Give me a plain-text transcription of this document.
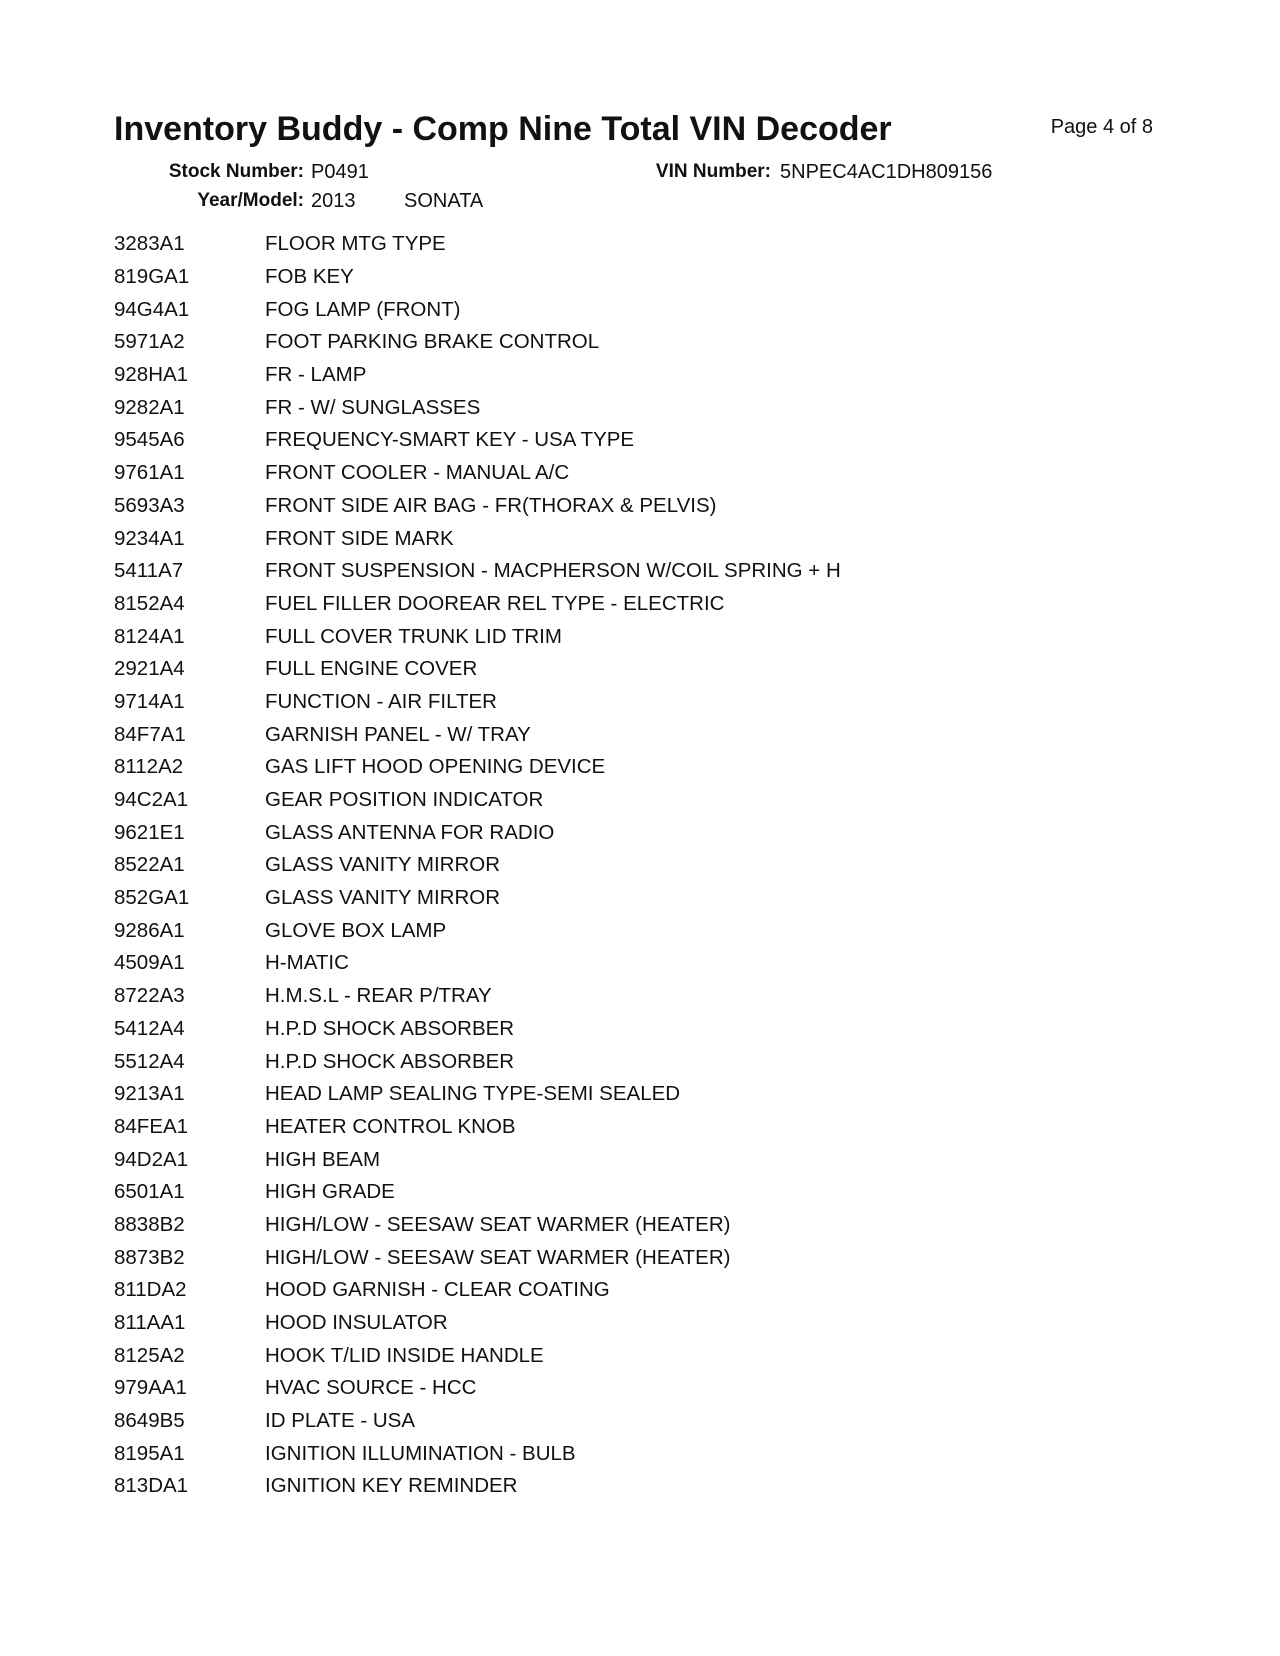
Inventory Buddy - Comp Nine Total VIN Decoder	Page 4 of 8
Stock Number: P0491
Year/Model: 2013 SONATA
VIN Number: 5NPEC4AC1DH809156
3283A1	FLOOR MTG TYPE
819GA1	FOB KEY
94G4A1	FOG LAMP (FRONT)
5971A2	FOOT PARKING BRAKE CONTROL
928HA1	FR - LAMP
9282A1	FR - W/ SUNGLASSES
9545A6	FREQUENCY-SMART KEY - USA TYPE
9761A1	FRONT COOLER - MANUAL A/C
5693A3	FRONT SIDE AIR BAG - FR(THORAX & PELVIS)
9234A1	FRONT SIDE MARK
5411A7	FRONT SUSPENSION - MACPHERSON W/COIL SPRING + H
8152A4	FUEL FILLER DOOREAR REL TYPE - ELECTRIC
8124A1	FULL COVER TRUNK LID TRIM
2921A4	FULL ENGINE COVER
9714A1	FUNCTION - AIR FILTER
84F7A1	GARNISH PANEL - W/ TRAY
8112A2	GAS LIFT HOOD OPENING DEVICE
94C2A1	GEAR POSITION INDICATOR
9621E1	GLASS ANTENNA FOR RADIO
8522A1	GLASS VANITY MIRROR
852GA1	GLASS VANITY MIRROR
9286A1	GLOVE BOX LAMP
4509A1	H-MATIC
8722A3	H.M.S.L - REAR P/TRAY
5412A4	H.P.D SHOCK ABSORBER
5512A4	H.P.D SHOCK ABSORBER
9213A1	HEAD LAMP SEALING TYPE-SEMI SEALED
84FEA1	HEATER CONTROL KNOB
94D2A1	HIGH BEAM
6501A1	HIGH GRADE
8838B2	HIGH/LOW - SEESAW SEAT WARMER (HEATER)
8873B2	HIGH/LOW - SEESAW SEAT WARMER (HEATER)
811DA2	HOOD GARNISH - CLEAR COATING
811AA1	HOOD INSULATOR
8125A2	HOOK T/LID INSIDE HANDLE
979AA1	HVAC SOURCE - HCC
8649B5	ID PLATE - USA
8195A1	IGNITION ILLUMINATION - BULB
813DA1	IGNITION KEY REMINDER
